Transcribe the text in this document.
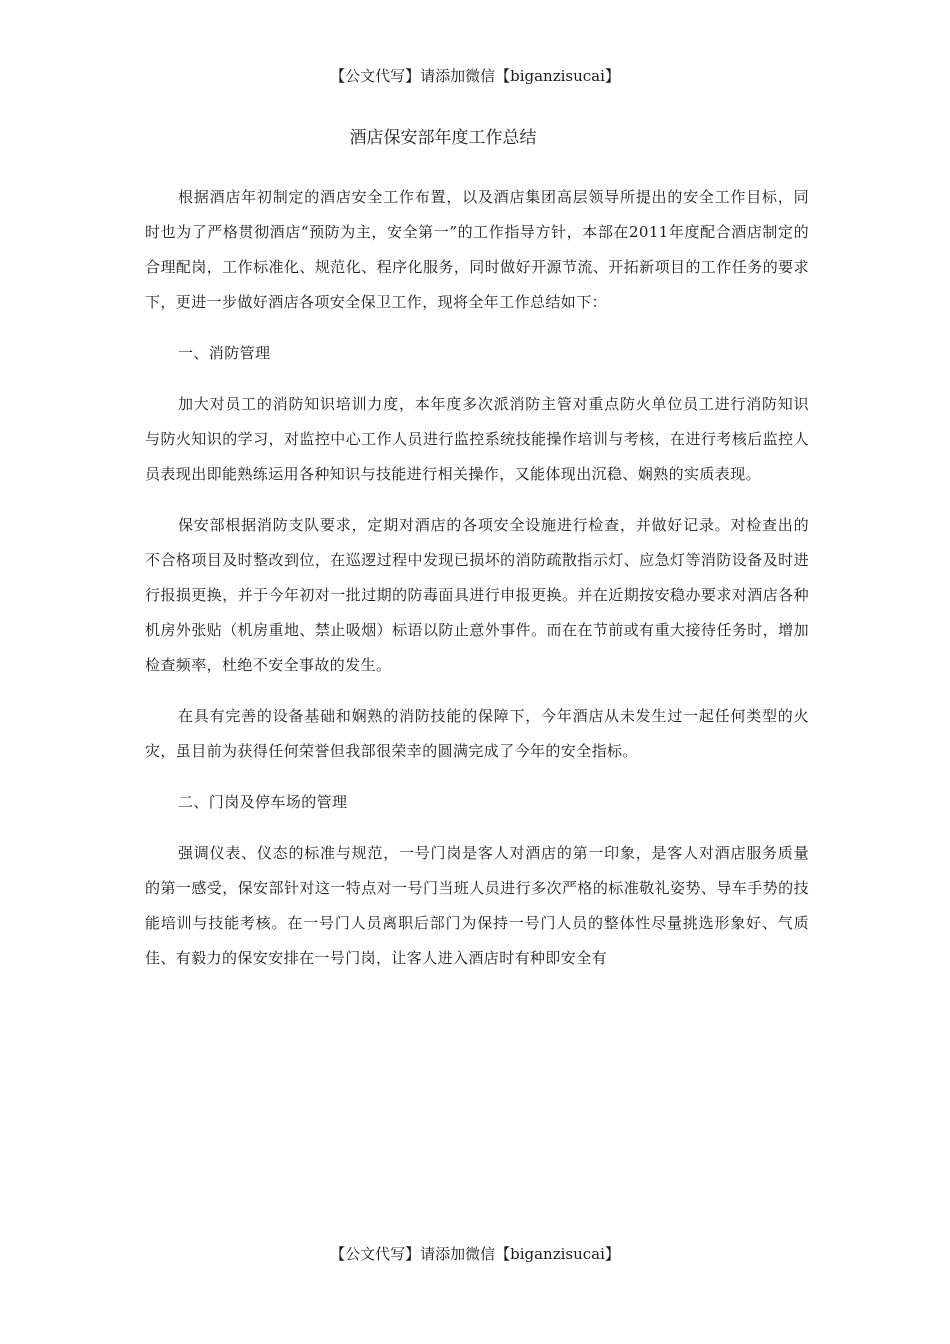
【公文代写】请添加微信【biganzisucai】

酒店保安部年度工作总结

根据酒店年初制定的酒店安全工作布置，以及酒店集团高层领导所提出的安全工作目标，同时也为了严格贯彻酒店“预防为主，安全第一”的工作指导方针，本部在2011年度配合酒店制定的合理配岗，工作标准化、规范化、程序化服务，同时做好开源节流、开拓新项目的工作任务的要求下，更进一步做好酒店各项安全保卫工作，现将全年工作总结如下：

一、消防管理

加大对员工的消防知识培训力度，本年度多次派消防主管对重点防火单位员工进行消防知识与防火知识的学习，对监控中心工作人员进行监控系统技能操作培训与考核，在进行考核后监控人员表现出即能熟练运用各种知识与技能进行相关操作，又能体现出沉稳、娴熟的实质表现。

保安部根据消防支队要求，定期对酒店的各项安全设施进行检查，并做好记录。对检查出的不合格项目及时整改到位，在巡逻过程中发现已损坏的消防疏散指示灯、应急灯等消防设备及时进行报损更换，并于今年初对一批过期的防毒面具进行申报更换。并在近期按安稳办要求对酒店各种机房外张贴（机房重地、禁止吸烟）标语以防止意外事件。而在在节前或有重大接待任务时，增加检查频率，杜绝不安全事故的发生。

在具有完善的设备基础和娴熟的消防技能的保障下，今年酒店从未发生过一起任何类型的火灾，虽目前为获得任何荣誉但我部很荣幸的圆满完成了今年的安全指标。

二、门岗及停车场的管理

强调仪表、仪态的标准与规范，一号门岗是客人对酒店的第一印象，是客人对酒店服务质量的第一感受，保安部针对这一特点对一号门当班人员进行多次严格的标准敬礼姿势、导车手势的技能培训与技能考核。在一号门人员离职后部门为保持一号门人员的整体性尽量挑选形象好、气质佳、有毅力的保安安排在一号门岗，让客人进入酒店时有种即安全有

【公文代写】请添加微信【biganzisucai】
